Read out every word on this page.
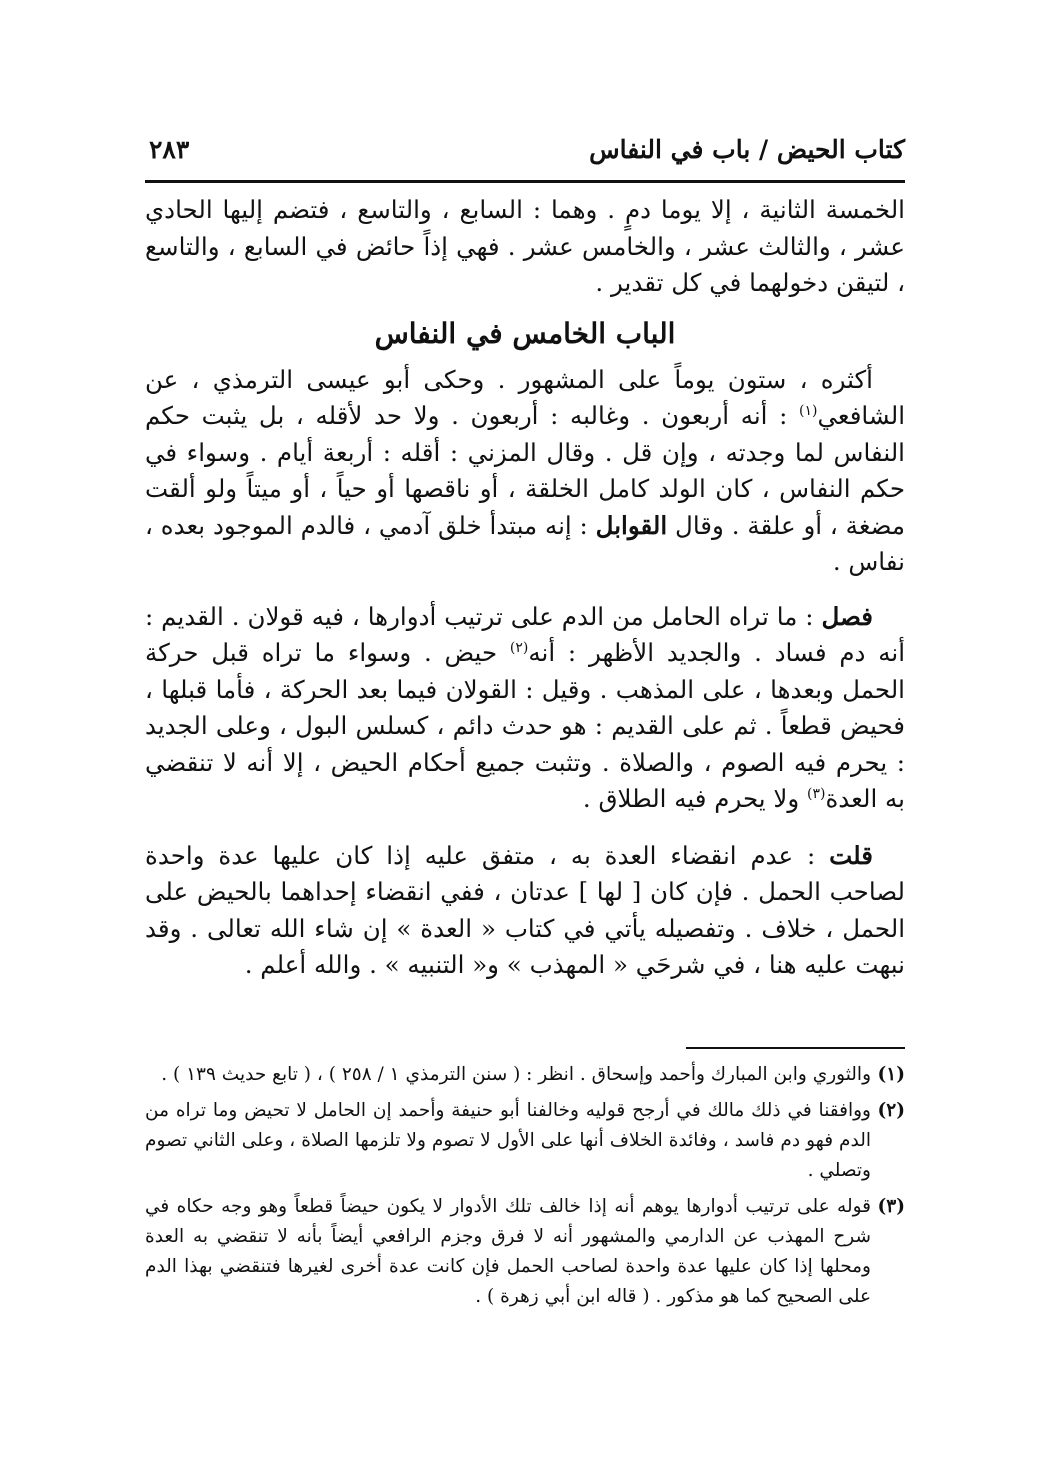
كتاب الحيض / باب في النفاس
٢٨٣

الخمسة الثانية ، إلا يوما دمٍ . وهما : السابع ، والتاسع ، فتضم إليها الحادي عشر ، والثالث عشر ، والخامس عشر . فهي إذاً حائض في السابع ، والتاسع ، لتيقن دخولهما في كل تقدير .

الباب الخامس في النفاس

أكثره ، ستون يوماً على المشهور . وحكى أبو عيسى الترمذي ، عن الشافعي$^{(١)}$ : أنه أربعون . وغالبه : أربعون . ولا حد لأقله ، بل يثبت حكم النفاس لما وجدته ، وإن قل . وقال المزني : أقله : أربعة أيام . وسواء في حكم النفاس ، كان الولد كامل الخلقة ، أو ناقصها أو حياً ، أو ميتاً ولو ألقت مضغة ، أو علقة . وقال القوابل : إنه مبتدأ خلق آدمي ، فالدم الموجود بعده ، نفاس .

فصل : ما تراه الحامل من الدم على ترتيب أدوارها ، فيه قولان . القديم : أنه دم فساد . والجديد الأظهر : أنه$^{(٢)}$ حيض . وسواء ما تراه قبل حركة الحمل وبعدها ، على المذهب . وقيل : القولان فيما بعد الحركة ، فأما قبلها ، فحيض قطعاً . ثم على القديم : هو حدث دائم ، كسلس البول ، وعلى الجديد : يحرم فيه الصوم ، والصلاة . وتثبت جميع أحكام الحيض ، إلا أنه لا تنقضي به العدة$^{(٣)}$ ولا يحرم فيه الطلاق .

قلت : عدم انقضاء العدة به ، متفق عليه إذا كان عليها عدة واحدة لصاحب الحمل . فإن كان [ لها ] عدتان ، ففي انقضاء إحداهما بالحيض على الحمل ، خلاف . وتفصيله يأتي في كتاب « العدة » إن شاء الله تعالى . وقد نبهت عليه هنا ، في شرحَي « المهذب » و« التنبيه » . والله أعلم .

(١)
والثوري وابن المبارك وأحمد وإسحاق . انظر : ( سنن الترمذي ١ / ٢٥٨ ) ، ( تابع حديث ١٣٩ ) .
(٢)
ووافقنا في ذلك مالك في أرجح قوليه وخالفنا أبو حنيفة وأحمد إن الحامل لا تحيض وما تراه من الدم فهو دم فاسد ، وفائدة الخلاف أنها على الأول لا تصوم ولا تلزمها الصلاة ، وعلى الثاني تصوم وتصلي .
(٣)
قوله على ترتيب أدوارها يوهم أنه إذا خالف تلك الأدوار لا يكون حيضاً قطعاً وهو وجه حكاه في شرح المهذب عن الدارمي والمشهور أنه لا فرق وجزم الرافعي أيضاً بأنه لا تنقضي به العدة ومحلها إذا كان عليها عدة واحدة لصاحب الحمل فإن كانت عدة أخرى لغيرها فتنقضي بهذا الدم على الصحيح كما هو مذكور . ( قاله ابن أبي زهرة ) .
